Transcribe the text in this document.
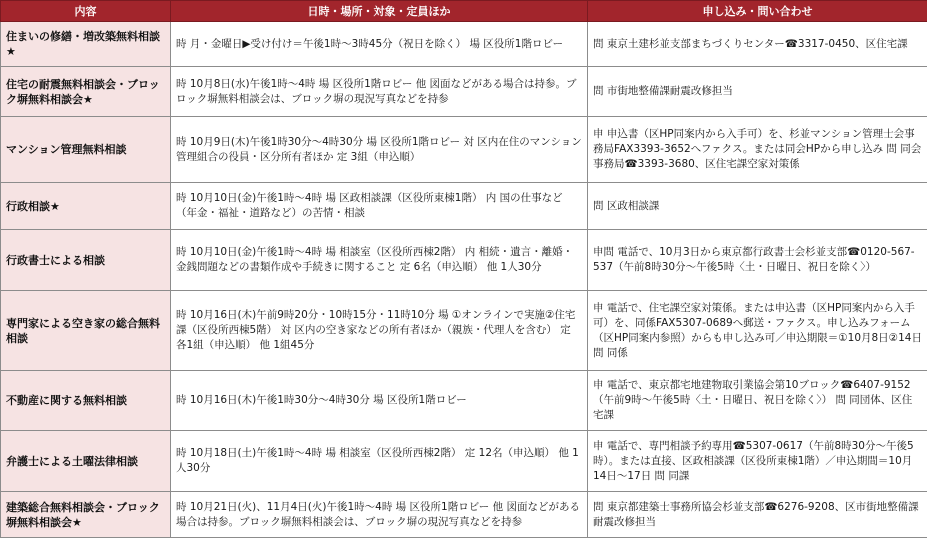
内容	日時・場所・対象・定員ほか	申し込み・問い合わせ
住まいの修繕・増改築無料相談★	時 月・金曜日▶受け付け＝午後1時～3時45分（祝日を除く） 場 区役所1階ロビー	問 東京土建杉並支部まちづくりセンター☎3317-0450、区住宅課
住宅の耐震無料相談会・ブロック塀無料相談会★	時 10月8日(水)午後1時～4時 場 区役所1階ロビー 他 図面などがある場合は持参。ブロック塀無料相談会は、ブロック塀の現況写真などを持参	問 市街地整備課耐震改修担当
マンション管理無料相談	時 10月9日(木)午後1時30分～4時30分 場 区役所1階ロビー 対 区内在住のマンション管理組合の役員・区分所有者ほか 定 3組（申込順）	申 申込書（区HP同案内から入手可）を、杉並マンション管理士会事務局FAX3393-3652へファクス。または同会HPから申し込み 問 同会事務局☎3393-3680、区住宅課空家対策係
行政相談★	時 10月10日(金)午後1時～4時 場 区政相談課（区役所東棟1階） 内 国の仕事など（年金・福祉・道路など）の苦情・相談	問 区政相談課
行政書士による相談	時 10月10日(金)午後1時～4時 場 相談室（区役所西棟2階） 内 相続・遺言・離婚・金銭問題などの書類作成や手続きに関すること 定 6名（申込順） 他 1人30分	申問 電話で、10月3日から東京都行政書士会杉並支部☎0120-567-537（午前8時30分～午後5時〈土・日曜日、祝日を除く〉）
専門家による空き家の総合無料相談	時 10月16日(木)午前9時20分・10時15分・11時10分 場 ①オンラインで実施②住宅課（区役所西棟5階） 対 区内の空き家などの所有者ほか（親族・代理人を含む） 定 各1組（申込順） 他 1組45分	申 電話で、住宅課空家対策係。または申込書（区HP同案内から入手可）を、同係FAX5307-0689へ郵送・ファクス。申し込みフォーム（区HP同案内参照）からも申し込み可／申込期限＝①10月8日②14日 問 同係
不動産に関する無料相談	時 10月16日(木)午後1時30分～4時30分 場 区役所1階ロビー	申 電話で、東京都宅地建物取引業協会第10ブロック☎6407-9152（午前9時～午後5時〈土・日曜日、祝日を除く〉） 問 同団体、区住宅課
弁護士による土曜法律相談	時 10月18日(土)午後1時～4時 場 相談室（区役所西棟2階） 定 12名（申込順） 他 1人30分	申 電話で、専門相談予約専用☎5307-0617（午前8時30分～午後5時）。または直接、区政相談課（区役所東棟1階）／申込期間＝10月14日～17日 問 同課
建築総合無料相談会・ブロック塀無料相談会★	時 10月21日(火)、11月4日(火)午後1時～4時 場 区役所1階ロビー 他 図面などがある場合は持参。ブロック塀無料相談会は、ブロック塀の現況写真などを持参	問 東京都建築士事務所協会杉並支部☎6276-9208、区市街地整備課耐震改修担当
